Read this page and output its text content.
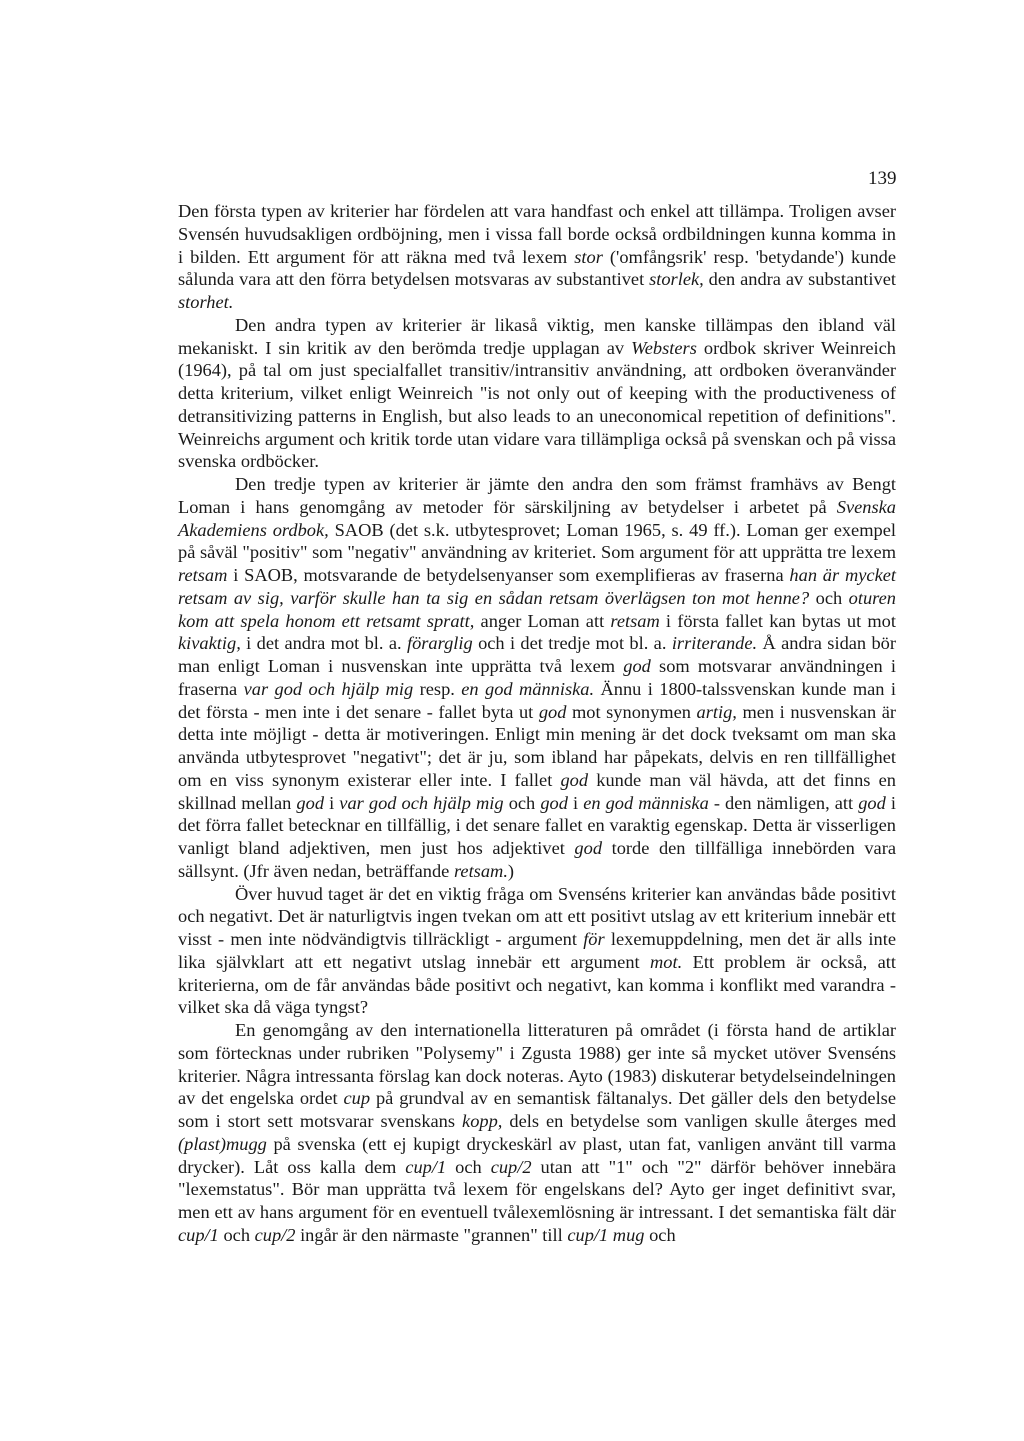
139

Den första typen av kriterier har fördelen att vara handfast och enkel att tillämpa. Troligen avser Svensén huvudsakligen ordböjning, men i vissa fall borde också ordbildningen kunna komma in i bilden. Ett argument för att räkna med två lexem stor ('omfångsrik' resp. 'betydande') kunde sålunda vara att den förra betydelsen motsvaras av substantivet storlek, den andra av substantivet storhet.

Den andra typen av kriterier är likaså viktig, men kanske tillämpas den ibland väl mekaniskt. I sin kritik av den berömda tredje upplagan av Websters ordbok skriver Weinreich (1964), på tal om just specialfallet transitiv/intransitiv användning, att ordboken överanvänder detta kriterium, vilket enligt Weinreich "is not only out of keeping with the productiveness of detransitivizing patterns in English, but also leads to an uneconomical repetition of definitions". Weinreichs argument och kritik torde utan vidare vara tillämpliga också på svenskan och på vissa svenska ordböcker.

Den tredje typen av kriterier är jämte den andra den som främst framhävs av Bengt Loman i hans genomgång av metoder för särskiljning av betydelser i arbetet på Svenska Akademiens ordbok, SAOB (det s.k. utbytesprovet; Loman 1965, s. 49 ff.). Loman ger exempel på såväl "positiv" som "negativ" användning av kriteriet. Som argument för att upprätta tre lexem retsam i SAOB, motsvarande de betydelsenyanser som exemplifieras av fraserna han är mycket retsam av sig, varför skulle han ta sig en sådan retsam överlägsen ton mot henne? och oturen kom att spela honom ett retsamt spratt, anger Loman att retsam i första fallet kan bytas ut mot kivaktig, i det andra mot bl. a. förarglig och i det tredje mot bl. a. irriterande. Å andra sidan bör man enligt Loman i nusvenskan inte upprätta två lexem god som motsvarar användningen i fraserna var god och hjälp mig resp. en god människa. Ännu i 1800-talssvenskan kunde man i det första - men inte i det senare - fallet byta ut god mot synonymen artig, men i nusvenskan är detta inte möjligt - detta är motiveringen. Enligt min mening är det dock tveksamt om man ska använda utbytesprovet "negativt"; det är ju, som ibland har påpekats, delvis en ren tillfällighet om en viss synonym existerar eller inte. I fallet god kunde man väl hävda, att det finns en skillnad mellan god i var god och hjälp mig och god i en god människa - den nämligen, att god i det förra fallet betecknar en tillfällig, i det senare fallet en varaktig egenskap. Detta är visserligen vanligt bland adjektiven, men just hos adjektivet god torde den tillfälliga innebörden vara sällsynt. (Jfr även nedan, beträffande retsam.)

Över huvud taget är det en viktig fråga om Svenséns kriterier kan användas både positivt och negativt. Det är naturligtvis ingen tvekan om att ett positivt utslag av ett kriterium innebär ett visst - men inte nödvändigtvis tillräckligt - argument för lexemuppdelning, men det är alls inte lika självklart att ett negativt utslag innebär ett argument mot. Ett problem är också, att kriterierna, om de får användas både positivt och negativt, kan komma i konflikt med varandra - vilket ska då väga tyngst?

En genomgång av den internationella litteraturen på området (i första hand de artiklar som förtecknas under rubriken "Polysemy" i Zgusta 1988) ger inte så mycket utöver Svenséns kriterier. Några intressanta förslag kan dock noteras. Ayto (1983) diskuterar betydelseindelningen av det engelska ordet cup på grundval av en semantisk fältanalys. Det gäller dels den betydelse som i stort sett motsvarar svenskans kopp, dels en betydelse som vanligen skulle återges med (plast)mugg på svenska (ett ej kupigt dryckeskärl av plast, utan fat, vanligen använt till varma drycker). Låt oss kalla dem cup/1 och cup/2 utan att "1" och "2" därför behöver innebära "lexemstatus". Bör man upprätta två lexem för engelskans del? Ayto ger inget definitivt svar, men ett av hans argument för en eventuell tvålexemlösning är intressant. I det semantiska fält där cup/1 och cup/2 ingår är den närmaste "grannen" till cup/1 mug och
